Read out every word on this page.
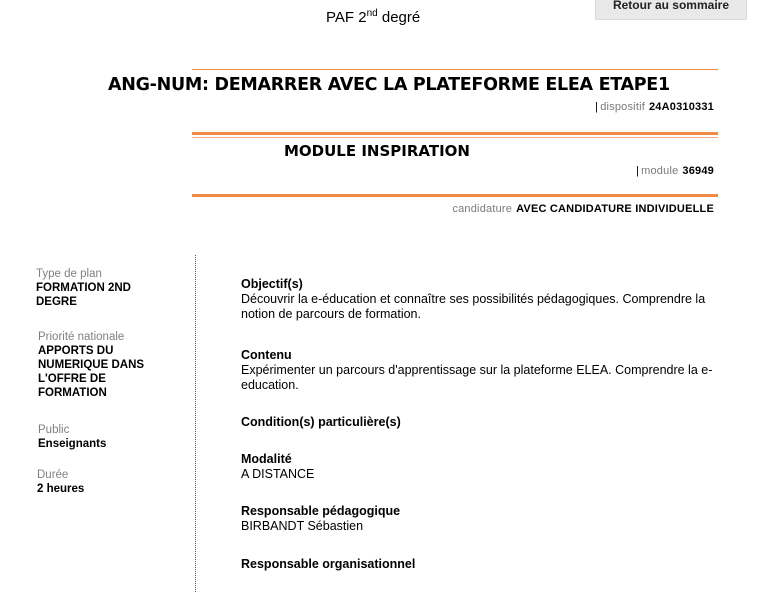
Retour au sommaire
PAF 2nd degré
ANG-NUM: DEMARRER AVEC LA PLATEFORME ELEA ETAPE1
| dispositif 24A0310331
MODULE INSPIRATION
| module 36949
candidature AVEC CANDIDATURE INDIVIDUELLE
Type de plan
FORMATION 2ND DEGRE
Priorité nationale
APPORTS DU NUMERIQUE DANS L'OFFRE DE FORMATION
Public
Enseignants
Durée
2 heures
Objectif(s)
Découvrir la e-éducation et connaître ses possibilités pédagogiques. Comprendre la notion de parcours de formation.
Contenu
Expérimenter un parcours d'apprentissage sur la plateforme ELEA. Comprendre la e-education.
Condition(s) particulière(s)
Modalité
A DISTANCE
Responsable pédagogique
BIRBANDT Sébastien
Responsable organisationnel
